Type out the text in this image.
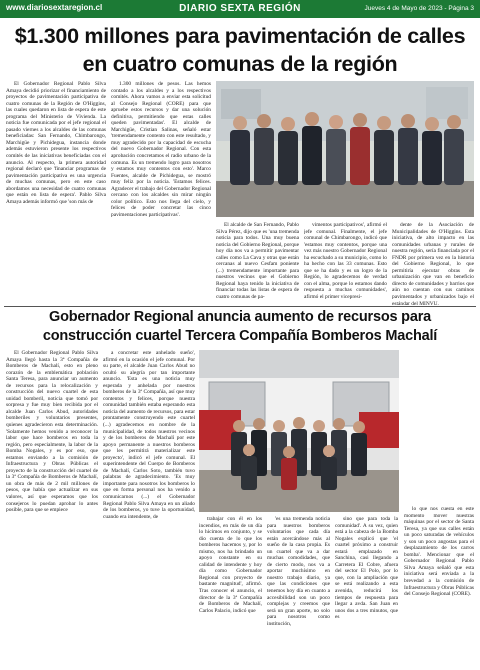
DIARIO SEXTA REGIÓN
www.diariosextaregion.cl	Jueves 4 de Mayo de 2023 - Página 3
$1.300 millones para pavimentación de calles en cuatro comunas de la región

El Gobernador Regional Pablo Silva Amaya decidió priorizar el financiamiento de proyectos de pavimentación participativa de cuatro comunas de la Región de O'Higgins, las cuales quedaron en lista de espera de este programa del Ministerio de Vivienda. La noticia fue comunicada por el jefe regional el pasado viernes a los alcaldes de las comunas beneficiadas: San Fernando, Chimbarongo, Marchigüe y Pichidegua, instancia donde además estuvieron presente los respectivos comités de las iniciativas beneficiadas con el anuncio. Al respecto, la primera autoridad regional declaró que 'financiar programas de pavimentación participativa es una urgencia de muchas comunas, pero en este caso abordamos una necesidad de cuatro comunas que están en lista de espera'. Pablo Silva Amaya además informó que 'son más de

1.300 millones de pesos. Las hemos contado a los alcaldes y a los respectivos comités. Ahora vamos a enviar esta solicitud al Consejo Regional (CORE) para que apruebe estos recursos y dar una solución definitiva, permitiendo que estas calles queden pavimentadas'. El alcalde de Marchigüe, Cristian Salinas, señaló estar 'tremendamente contento con este resultado, y muy agradecido por la capacidad de escucha del nuevo Gobernador Regional. Con esta aprobación concretamos el radio urbano de la comuna. Es un tremendo logro para nosotros y estamos muy contentos con esto'. Marco Fuentes, alcalde de Pichidegua, se mostró muy feliz por la noticia. 'Estamos felices. Agradecer el trabajo del Gobernador Regional cercano con los alcaldes sin mirar ningún color político. Esto nos llega del cielo, y felices de poder concretar las cinco pavimentaciones participativas'.

El alcalde de San Fernando, Pablo Silva Pérez, dijo que es 'una tremenda noticia para todos. Una muy buena noticia del Gobierno Regional, porque hoy día nos va a permitir pavimentar calles como La Cava y otras que están cercanas al nuevo Cesfam poniente (...) tremendamente importante para nuestros vecinos que el Gobierno Regional haya tenido la iniciativa de financiar todas las listas de espera de cuatro comunas de pa-

vimentos participativos', afirmó el jefe comunal. Finalmente, el jefe comunal de Chimbarongo, indicó que 'estamos muy contentos, porque una vez más nuestro Gobernador Regional ha escuchado a su municipio, como lo ha hecho con las 33 comunas. Esto que se ha dado y es un logro de la Región, lo agradecemos de verdad con el alma, porque lo estamos dando respuesta a muchas comunidades', afirmó el primer vicepresi-

dente de la Asociación de Municipalidades de O'Higgins. Esta iniciativa, de alto impacto en las comunidades urbanas y rurales de nuestra región, sería financiada por el FNDR por primera vez en la historia del Gobierno Regional, lo que permitiría ejecutar obras de urbanización que van en beneficio directo de comunidades y barrios que aún no cuentan con sus caminos pavimentados y urbanizados bajo el estándar del MINVU.

Gobernador Regional anuncia aumento de recursos para construcción cuartel Tercera Compañía Bomberos Machalí

El Gobernador Regional Pablo Silva Amaya llegó hasta la 3ª Compañía de Bomberos de Machalí, esto en pleno corazón de la emblemática población Santa Teresa, para anunciar un aumento de recursos para la relocalización y construcción del nuevo cuartel de esta unidad bomberil, noticia que tomó por sorpresa y fue muy bien recibida por el alcalde Juan Carlos Abud, autoridades bomberiles y voluntarios presentes, quienes agradecieron esta determinación. 'Solamente hemos venido a reconocer la labor que hace bomberos en toda la región, pero especialmente, la labor de la Bomba Nogales, y es por eso, que estamos enviando a la comisión de Infraestructura y Obras Públicas el proyecto de la construcción del cuartel de la 3ª Compañía de Bomberos de Machalí, un obra de más de 2 mil millones de pesos, que había que actualizar en sus valores, así que esperamos que los consejeros lo puedan aprobar lo antes posible, para que se empiece

a concretar este anhelado sueño', afirmó en la ocasión el jefe comunal. Por su parte, el alcalde Juan Carlos Abud no ocultó su alegría por tan importante anuncio. 'Esta es una noticia muy esperada y anhelada por nuestros bomberos de la 3ª Compañía, así que muy contentos y felices, porque nuestra comunidad también estaba esperando esta noticia del aumento de recursos, para estar prontamente construyendo este cuartel (...) agradecemos en nombre de la municipalidad, de todos nuestros vecinos y de los bomberos de Machalí por este apoyo permanente a nuestros bomberos que les permitirá materializar este proyecto', indicó el jefe comunal. El superintendente del Cuerpo de Bomberos de Machalí, Carlos Soto, también tuvo palabras de agradecimiento. 'Es muy importante para nosotros los bomberos lo que en forma personal nos ha venido a comunicarnos (...) el Gobernador Regional Pablo Silva Amaya en un aliado de los bomberos, yo tuve la oportunidad, cuando era intendente, de	trabajar con él en los incendios, en más de un día lo hicimos en conjunto, y se dio cuenta de lo que los bomberos hacemos y, por lo mismo, nos ha brindado un apoyo constante en su calidad de intendente y hoy día como Gobernador Regional con proyecto de bastante magnitud', afirmó. Tras conocer el anuncio, el director de la 3ª Compañía de Bomberos de Machalí, Carlos Palacio, indicó que

'es una tremenda noticia para nuestros bomberos voluntarios que cada día están acercándose más al sueño de la casa propia. Es un cuartel que va a dar muchas comodidades, que de cierto modo, nos va a aportar muchísimo en nuestro trabajo diario, ya que las condiciones que tenemos hoy día en cuanto a accesibilidad son un poco complejas y creemos que será un gran aporte, no solo para nosotros como institución,

sino que para toda la comunidad'. A su vez, quien está a la cabeza de la Bomba Nogales explicó que 'el cuartel próximo a construir estará emplazado en Sanchina, casi llegando a Carretera El Cobre, afuera del sector El Polo, por lo que, con la ampliación que se está realizando a esta avenida, reducirá los tiempos de respuesta para llegar a avda. San Juan en unos dos a tres minutos, que es

lo que nos cuesta en este momento mover nuestras máquinas por el sector de Santa Teresa, ya que sus calles están un poco saturadas de vehículos y son un poco angostas para el desplazamiento de los carros bomba'. Mencionar que el Gobernador Regional Pablo Silva Amaya señaló que esta iniciativa será enviada a la brevedad a la comisión de Infraestructura y Obras Públicas del Consejo Regional (CORE).
